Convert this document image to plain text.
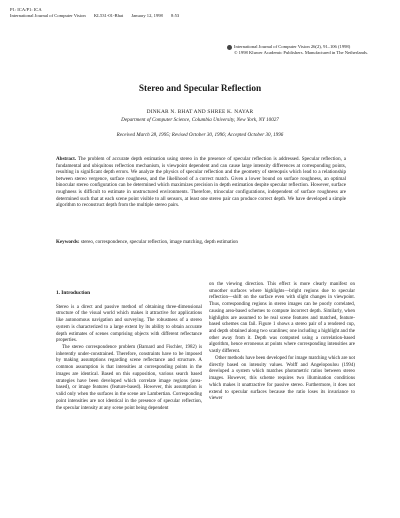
P1: ICA/P1: ICA
International Journal of Computer Vision KL531-01-Bhat January 12, 1998 8:53
International Journal of Computer Vision 26(2), 91–106 (1998)
© 1998 Kluwer Academic Publishers. Manufactured in The Netherlands.
Stereo and Specular Reflection
DINKAR N. BHAT AND SHREE K. NAYAR
Department of Computer Science, Columbia University, New York, NY 10027
Received March 28, 1995; Revised October 30, 1996; Accepted October 30, 1996
Abstract. The problem of accurate depth estimation using stereo in the presence of specular reflection is addressed. Specular reflection, a fundamental and ubiquitous reflection mechanism, is viewpoint dependent and can cause large intensity differences at corresponding points, resulting in significant depth errors. We analyze the physics of specular reflection and the geometry of stereopsis which lead to a relationship between stereo vergence, surface roughness, and the likelihood of a correct match. Given a lower bound on surface roughness, an optimal binocular stereo configuration can be determined which maximizes precision in depth estimation despite specular reflection. However, surface roughness is difficult to estimate in unstructured environments. Therefore, trinocular configurations, independent of surface roughness are determined such that at each scene point visible to all sensors, at least one stereo pair can produce correct depth. We have developed a simple algorithm to reconstruct depth from the multiple stereo pairs.
Keywords: stereo, correspondence, specular reflection, image matching, depth estimation
1. Introduction

Stereo is a direct and passive method of obtaining three-dimensional structure of the visual world which makes it attractive for applications like autonomous navigation and surveying. The robustness of a stereo system is characterized to a large extent by its ability to obtain accurate depth estimates of scenes comprising objects with different reflectance properties.

The stereo correspondence problem (Barnard and Fischler, 1982) is inherently under-constrained. Therefore, constraints have to be imposed by making assumptions regarding scene reflectance and structure. A common assumption is that intensities at corresponding points in the images are identical. Based on this supposition, various search based strategies have been developed which correlate image regions (area-based), or image features (feature-based). However, this assumption is valid only when the surfaces in the scene are Lambertian. Corresponding point intensities are not identical in the presence of specular reflection, the specular intensity at any scene point being dependent

on the viewing direction. This effect is more clearly manifest on smoother surfaces where highlights—bright regions due to specular reflection—shift on the surface even with slight changes in viewpoint. Thus, corresponding regions in stereo images can be poorly correlated, causing area-based schemes to compute incorrect depth. Similarly, when highlights are assumed to be real scene features and matched, feature-based schemes can fail. Figure 1 shows a stereo pair of a rendered cup, and depth obtained along two scanlines; one including a highlight and the other away from it. Depth was computed using a correlation-based algorithm, hence erroneous at points where corresponding intensities are vastly different.

Other methods have been developed for image matching which are not directly based on intensity values. Wolff and Angelopoulou (1994) developed a system which matches photometric ratios between stereo images. However, this scheme requires two illumination conditions which makes it unattractive for passive stereo. Furthermore, it does not extend to specular surfaces because the ratio loses its invariance to viewer
